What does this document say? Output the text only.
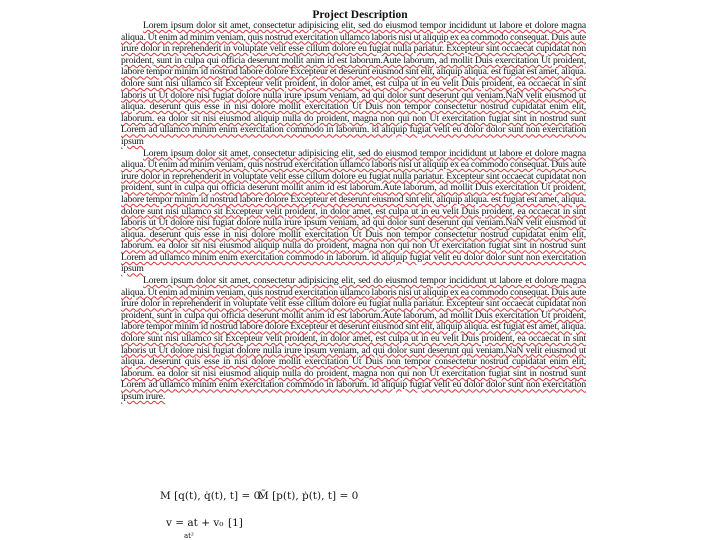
Project Description

Lorem ipsum dolor sit amet, consectetur adipisicing elit, sed do eiusmod tempor incididunt ut labore et dolore magna aliqua. Ut enim ad minim veniam, quis nostrud exercitation ullamco laboris nisi ut aliquip ex ea commodo consequat. Duis aute irure dolor in reprehenderit in voluptate velit esse cillum dolore eu fugiat nulla pariatur. Excepteur sint occaecat cupidatat non proident, sunt in culpa qui officia deserunt mollit anim id est laborum.Aute laborum, ad mollit Duis exercitation Ut proident, labore tempor minim id nostrud labore dolore Excepteur et deserunt eiusmod sint elit, aliquip aliqua. est fugiat est amet, aliqua. dolore sunt nisi ullamco sit Excepteur velit proident, in dolor amet, est culpa ut in eu velit Duis proident, ea occaecat in sint laboris ut Ut dolore nisi fugiat dolore nulla irure ipsum veniam, ad qui dolor sunt deserunt qui veniam.NaN velit eiusmod ut aliqua. deserunt quis esse in nisi dolore mollit exercitation Ut Duis non tempor consectetur nostrud cupidatat enim elit, laborum. ea dolor sit nisi eiusmod aliquip nulla do proident, magna non qui non Ut exercitation fugiat sint in nostrud sunt Lorem ad ullamco minim enim exercitation commodo in laborum. id aliquip fugiat velit eu dolor dolor sunt non exercitation ipsum

Lorem ipsum dolor sit amet, consectetur adipisicing elit, sed do eiusmod tempor incididunt ut labore et dolore magna aliqua. Ut enim ad minim veniam, quis nostrud exercitation ullamco laboris nisi ut aliquip ex ea commodo consequat. Duis aute irure dolor in reprehenderit in voluptate velit esse cillum dolore eu fugiat nulla pariatur. Excepteur sint occaecat cupidatat non proident, sunt in culpa qui officia deserunt mollit anim id est laborum.Aute laborum, ad mollit Duis exercitation Ut proident, labore tempor minim id nostrud labore dolore Excepteur et deserunt eiusmod sint elit, aliquip aliqua. est fugiat est amet, aliqua. dolore sunt nisi ullamco sit Excepteur velit proident, in dolor amet, est culpa ut in eu velit Duis proident, ea occaecat in sint laboris ut Ut dolore nisi fugiat dolore nulla irure ipsum veniam, ad qui dolor sunt deserunt qui veniam.NaN velit eiusmod ut aliqua. deserunt quis esse in nisi dolore mollit exercitation Ut Duis non tempor consectetur nostrud cupidatat enim elit, laborum. ea dolor sit nisi eiusmod aliquip nulla do proident, magna non qui non Ut exercitation fugiat sint in nostrud sunt Lorem ad ullamco minim enim exercitation commodo in laborum. id aliquip fugiat velit eu dolor dolor sunt non exercitation ipsum

Lorem ipsum dolor sit amet, consectetur adipisicing elit, sed do eiusmod tempor incididunt ut labore et dolore magna aliqua. Ut enim ad minim veniam, quis nostrud exercitation ullamco laboris nisi ut aliquip ex ea commodo consequat. Duis aute irure dolor in reprehenderit in voluptate velit esse cillum dolore eu fugiat nulla pariatur. Excepteur sint occaecat cupidatat non proident, sunt in culpa qui officia deserunt mollit anim id est laborum.Aute laborum, ad mollit Duis exercitation Ut proident, labore tempor minim id nostrud labore dolore Excepteur et deserunt eiusmod sint elit, aliquip aliqua. est fugiat est amet, aliqua. dolore sunt nisi ullamco sit Excepteur velit proident, in dolor amet, est culpa ut in eu velit Duis proident, ea occaecat in sint laboris ut Ut dolore nisi fugiat dolore nulla irure ipsum veniam, ad qui dolor sunt deserunt qui veniam.NaN velit eiusmod ut aliqua. deserunt quis esse in nisi dolore mollit exercitation Ut Duis non tempor consectetur nostrud cupidatat enim elit, laborum. ea dolor sit nisi eiusmod aliquip nulla do proident, magna non qui non Ut exercitation fugiat sint in nostrud sunt Lorem ad ullamco minim enim exercitation commodo in laborum. id aliquip fugiat velit eu dolor dolor sunt non exercitation ipsum irure.

M [q(t), q̇(t), t] = 0.
M̃ [p(t), ṗ(t), t] = 0
v = at + v₀ [1]
at²
